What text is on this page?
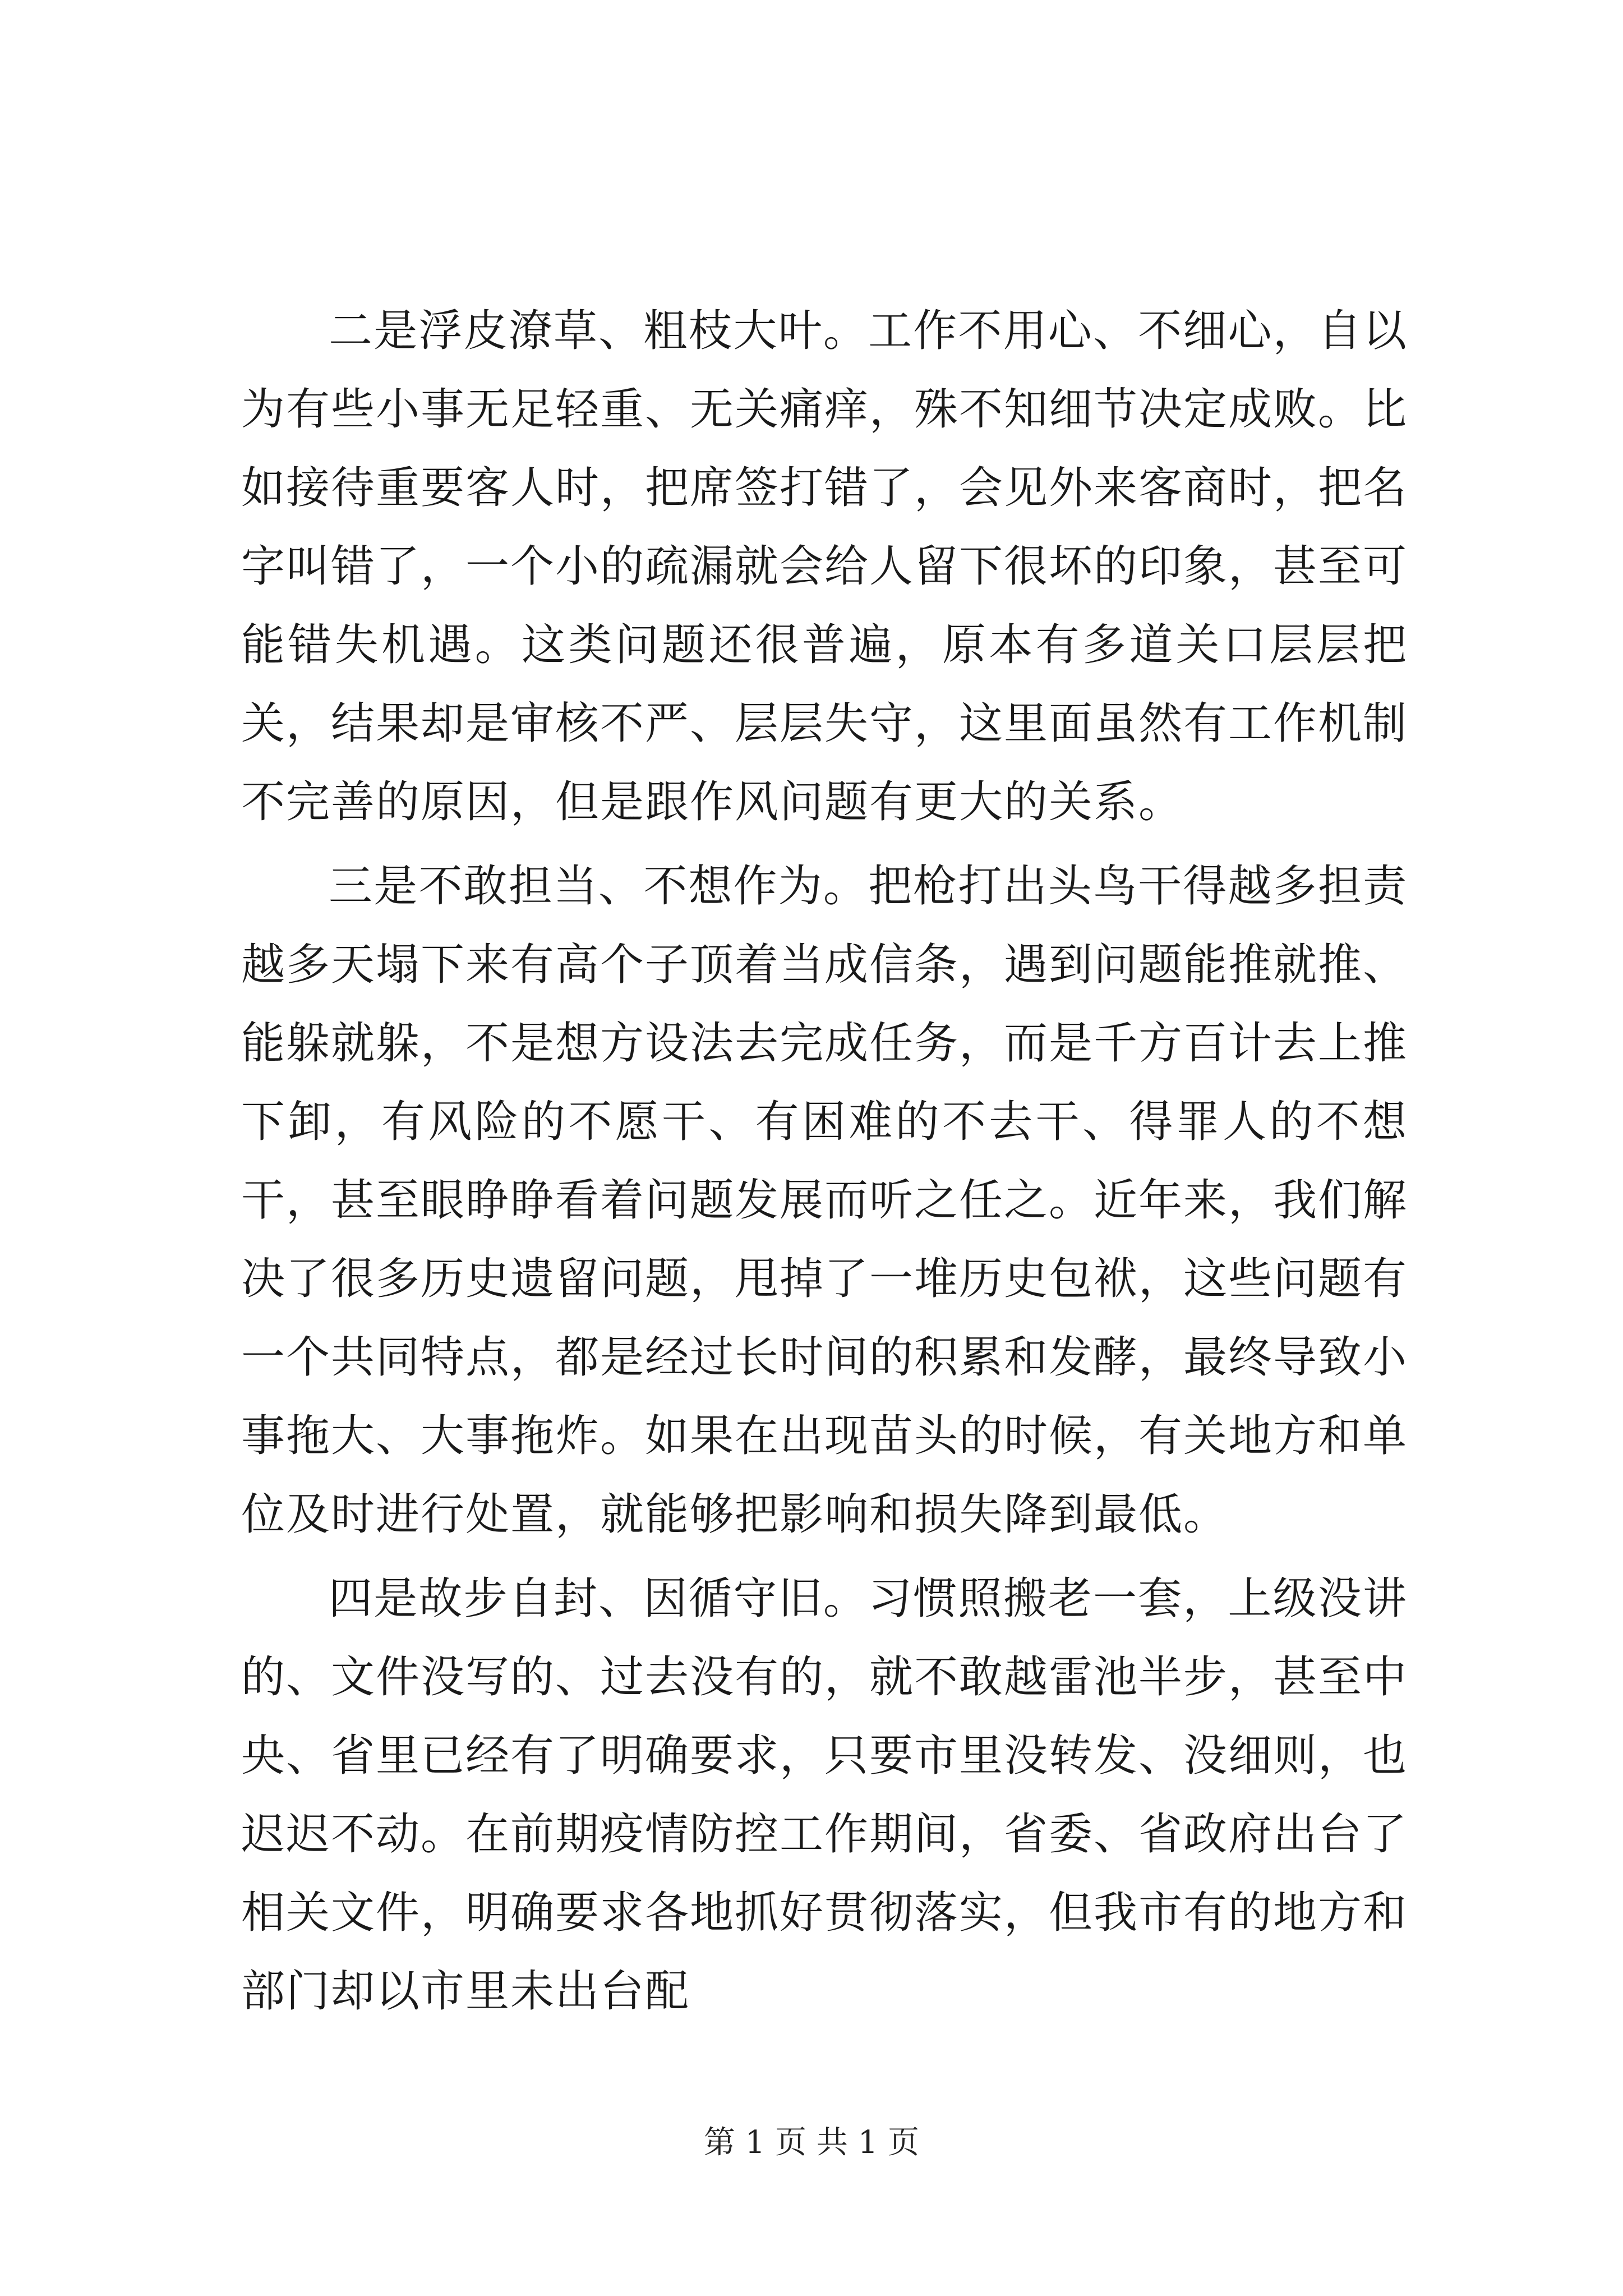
二是浮皮潦草、粗枝大叶。工作不用心、不细心，自以为有些小事无足轻重、无关痛痒，殊不知细节决定成败。比如接待重要客人时，把席签打错了，会见外来客商时，把名字叫错了，一个小的疏漏就会给人留下很坏的印象，甚至可能错失机遇。这类问题还很普遍，原本有多道关口层层把关，结果却是审核不严、层层失守，这里面虽然有工作机制不完善的原因，但是跟作风问题有更大的关系。

三是不敢担当、不想作为。把枪打出头鸟干得越多担责越多天塌下来有高个子顶着当成信条，遇到问题能推就推、能躲就躲，不是想方设法去完成任务，而是千方百计去上推下卸，有风险的不愿干、有困难的不去干、得罪人的不想干，甚至眼睁睁看着问题发展而听之任之。近年来，我们解决了很多历史遗留问题，甩掉了一堆历史包袱，这些问题有一个共同特点，都是经过长时间的积累和发酵，最终导致小事拖大、大事拖炸。如果在出现苗头的时候，有关地方和单位及时进行处置，就能够把影响和损失降到最低。

四是故步自封、因循守旧。习惯照搬老一套，上级没讲的、文件没写的、过去没有的，就不敢越雷池半步，甚至中央、省里已经有了明确要求，只要市里没转发、没细则，也迟迟不动。在前期疫情防控工作期间，省委、省政府出台了相关文件，明确要求各地抓好贯彻落实，但我市有的地方和部门却以市里未出台配

第 1 页 共 1 页
